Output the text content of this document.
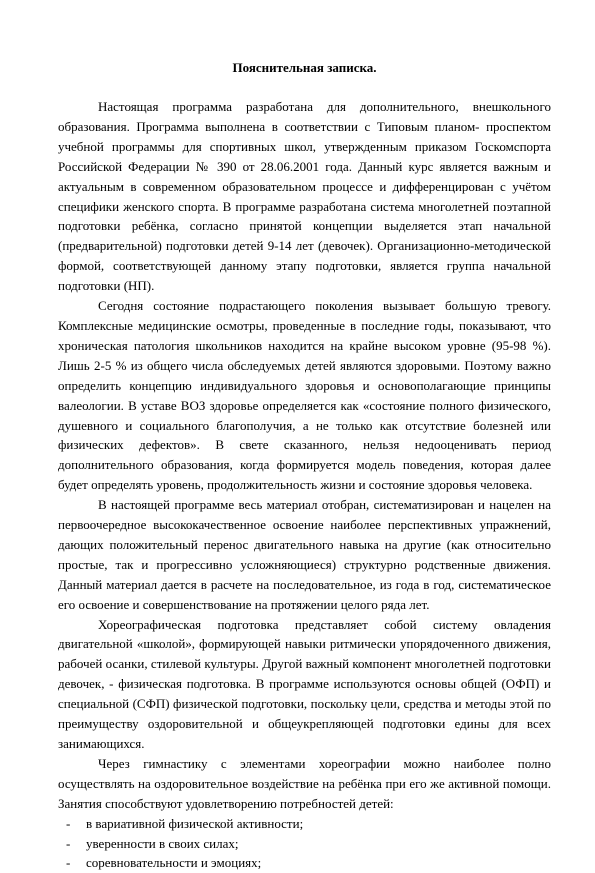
Пояснительная записка.

Настоящая программа разработана для дополнительного, внешкольного образования. Программа выполнена в соответствии с Типовым планом- проспектом учебной программы для спортивных школ, утвержденным приказом Госкомспорта Российской Федерации № 390 от 28.06.2001 года. Данный курс является важным и актуальным в современном образовательном процессе и дифференцирован с учётом специфики женского спорта. В программе разработана система многолетней поэтапной подготовки ребёнка, согласно принятой концепции выделяется этап начальной (предварительной) подготовки детей 9-14 лет (девочек). Организационно-методической формой, соответствующей данному этапу подготовки, является группа начальной подготовки (НП).

Сегодня состояние подрастающего поколения вызывает большую тревогу. Комплексные медицинские осмотры, проведенные в последние годы, показывают, что хроническая патология школьников находится на крайне высоком уровне (95-98 %). Лишь 2-5 % из общего числа обследуемых детей являются здоровыми. Поэтому важно определить концепцию индивидуального здоровья и основополагающие принципы валеологии. В уставе ВОЗ здоровье определяется как «состояние полного физического, душевного и социального благополучия, а не только как отсутствие болезней или физических дефектов». В свете сказанного, нельзя недооценивать период дополнительного образования, когда формируется модель поведения, которая далее будет определять уровень, продолжительность жизни и состояние здоровья человека.

В настоящей программе весь материал отобран, систематизирован и нацелен на первоочередное высококачественное освоение наиболее перспективных упражнений, дающих положительный перенос двигательного навыка на другие (как относительно простые, так и прогрессивно усложняющиеся) структурно родственные движения. Данный материал дается в расчете на последовательное, из года в год, систематическое его освоение и совершенствование на протяжении целого ряда лет.

Хореографическая подготовка представляет собой систему овладения двигательной «школой», формирующей навыки ритмически упорядоченного движения, рабочей осанки, стилевой культуры. Другой важный компонент многолетней подготовки девочек, - физическая подготовка. В программе используются основы общей (ОФП) и специальной (СФП) физической подготовки, поскольку цели, средства и методы этой по преимуществу оздоровительной и общеукрепляющей подготовки едины для всех занимающихся.

Через гимнастику с элементами хореографии можно наиболее полно осуществлять на оздоровительное воздействие на ребёнка при его же активной помощи. Занятия способствуют удовлетворению потребностей детей:

- в вариативной физической активности;
- уверенности в своих силах;
- соревновательности и эмоциях;
